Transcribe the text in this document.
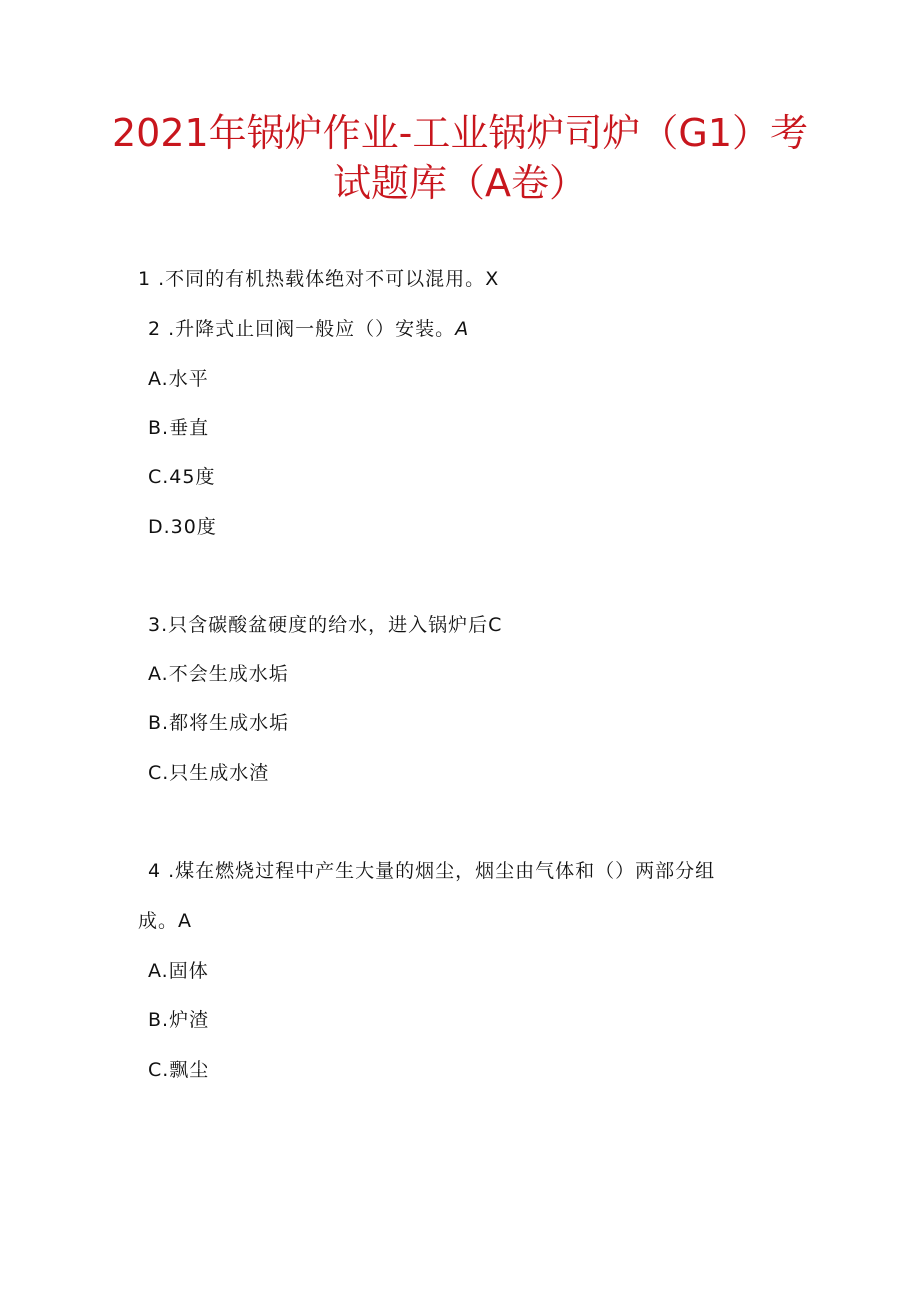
2021年锅炉作业-工业锅炉司炉（G1）考
试题库（A卷）
1 .不同的有机热载体绝对不可以混用。X
2 .升降式止回阀一般应（）安装。A
A.水平
B.垂直
C.45度
D.30度
3.只含碳酸盆硬度的给水，进入锅炉后C
A.不会生成水垢
B.都将生成水垢
C.只生成水渣
4 .煤在燃烧过程中产生大量的烟尘，烟尘由气体和（）两部分组
成。A
A.固体
B.炉渣
C.飘尘
